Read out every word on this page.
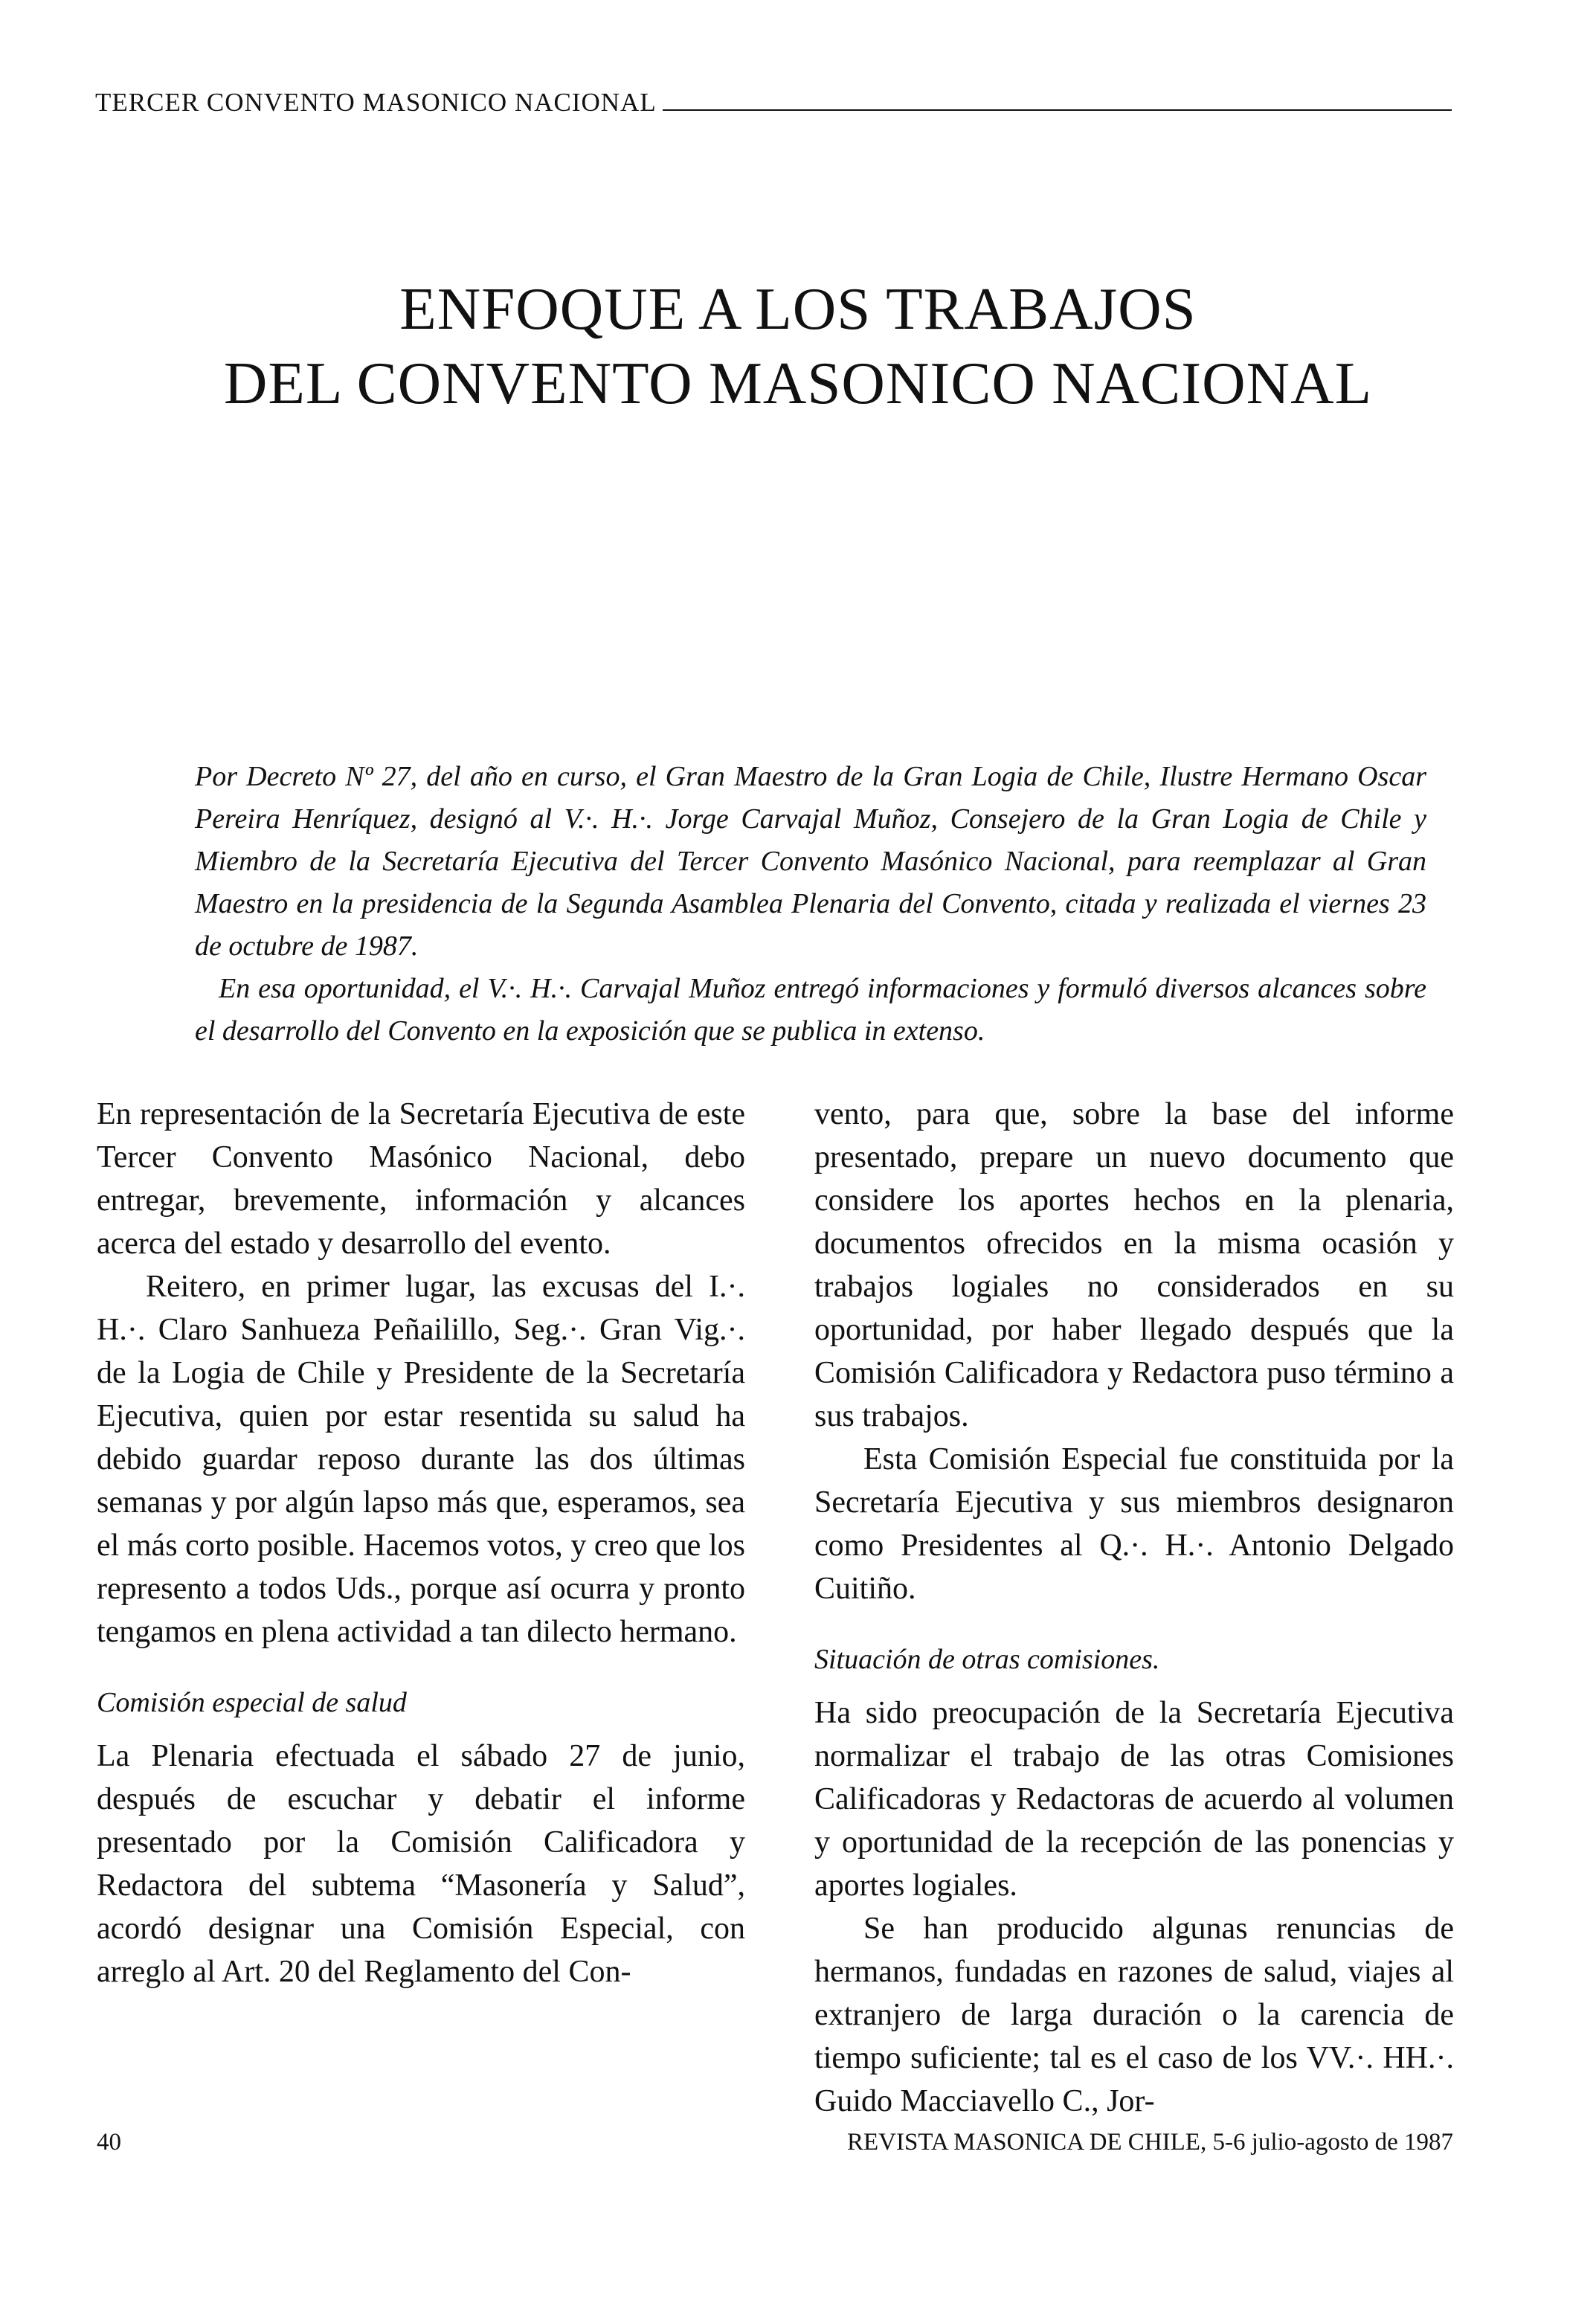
TERCER CONVENTO MASONICO NACIONAL
ENFOQUE A LOS TRABAJOS
DEL CONVENTO MASONICO NACIONAL

Por Decreto Nº 27, del año en curso, el Gran Maestro de la Gran Logia de Chile, Ilustre Hermano Oscar Pereira Henríquez, designó al V.·. H.·. Jorge Carvajal Muñoz, Consejero de la Gran Logia de Chile y Miembro de la Secretaría Ejecutiva del Tercer Convento Masónico Nacional, para reemplazar al Gran Maestro en la presidencia de la Segunda Asamblea Plenaria del Convento, citada y realizada el viernes 23 de octubre de 1987.

En esa oportunidad, el V.·. H.·. Carvajal Muñoz entregó informaciones y formuló diversos alcances sobre el desarrollo del Convento en la exposición que se publica in extenso.

En representación de la Secretaría Ejecutiva de este Tercer Convento Masónico Nacional, debo entregar, brevemente, información y alcances acerca del estado y desarrollo del evento.

Reitero, en primer lugar, las excusas del I.·. H.·. Claro Sanhueza Peñailillo, Seg.·. Gran Vig.·. de la Logia de Chile y Presidente de la Secretaría Ejecutiva, quien por estar resentida su salud ha debido guardar reposo durante las dos últimas semanas y por algún lapso más que, esperamos, sea el más corto posible. Hacemos votos, y creo que los represento a todos Uds., porque así ocurra y pronto tengamos en plena actividad a tan dilecto hermano.

Comisión especial de salud

La Plenaria efectuada el sábado 27 de junio, después de escuchar y debatir el informe presentado por la Comisión Calificadora y Redactora del subtema “Masonería y Salud”, acordó designar una Comisión Especial, con arreglo al Art. 20 del Reglamento del Con-

vento, para que, sobre la base del informe presentado, prepare un nuevo documento que considere los aportes hechos en la plenaria, documentos ofrecidos en la misma ocasión y trabajos logiales no considerados en su oportunidad, por haber llegado después que la Comisión Calificadora y Redactora puso término a sus trabajos.

Esta Comisión Especial fue constituida por la Secretaría Ejecutiva y sus miembros designaron como Presidentes al Q.·. H.·. Antonio Delgado Cuitiño.

Situación de otras comisiones.

Ha sido preocupación de la Secretaría Ejecutiva normalizar el trabajo de las otras Comisiones Calificadoras y Redactoras de acuerdo al volumen y oportunidad de la recepción de las ponencias y aportes logiales.

Se han producido algunas renuncias de hermanos, fundadas en razones de salud, viajes al extranjero de larga duración o la carencia de tiempo suficiente; tal es el caso de los VV.·. HH.·. Guido Macciavello C., Jor-

40	REVISTA MASONICA DE CHILE, 5-6 julio-agosto de 1987
